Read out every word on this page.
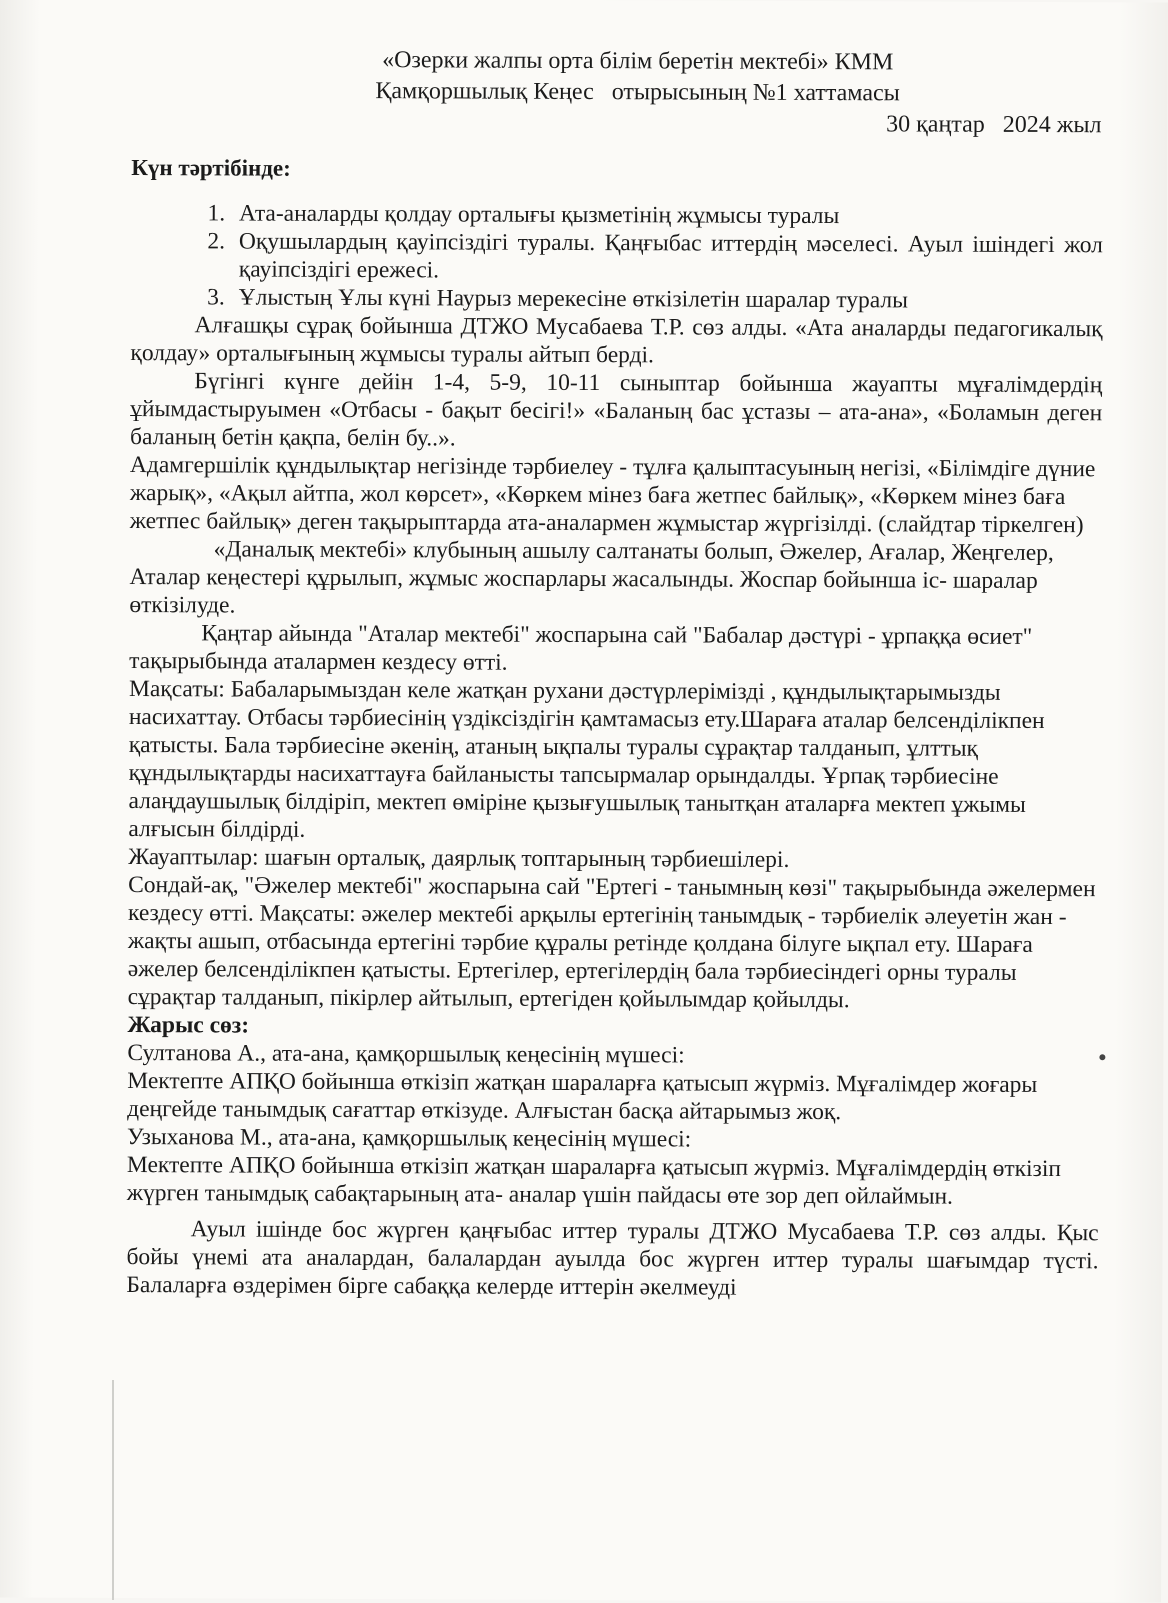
«Озерки жалпы орта білім беретін мектебі» КММ
Қамқоршылық Кеңес   отырысының №1 хаттамасы
30 қаңтар   2024 жыл
Күн тәртібінде:
1. Ата-аналарды қолдау орталығы қызметінің жұмысы туралы
2. Оқушылардың қауіпсіздігі туралы. Қаңғыбас иттердің мәселесі. Ауыл ішіндегі жол қауіпсіздігі ережесі.
3. Ұлыстың Ұлы күні Наурыз мерекесіне өткізілетін шаралар туралы

Алғашқы сұрақ бойынша ДТЖО Мусабаева Т.Р. сөз алды. «Ата аналарды педагогикалық қолдау» орталығының жұмысы туралы айтып берді.

Бүгінгі күнге дейін 1-4, 5-9, 10-11 сыныптар бойынша жауапты мұғалімдердің ұйымдастыруымен «Отбасы - бақыт бесігі!» «Баланың бас ұстазы – ата-ана», «Боламын деген баланың бетін қақпа, белін бу..».

Адамгершілік құндылықтар негізінде тәрбиелеу - тұлға қалыптасуының негізі, «Білімдіге дүние жарық», «Ақыл айтпа, жол көрсет», «Көркем мінез баға жетпес байлық», «Көркем мінез баға жетпес байлық» деген тақырыптарда ата-аналармен жұмыстар жүргізілді. (слайдтар тіркелген)

«Даналық мектебі» клубының ашылу салтанаты болып, Әжелер, Ағалар, Жеңгелер, Аталар кеңестері құрылып, жұмыс жоспарлары жасалынды. Жоспар бойынша іс- шаралар өткізілуде.

Қаңтар айында "Аталар мектебі" жоспарына сай "Бабалар дәстүрі - ұрпаққа өсиет" тақырыбында аталармен кездесу өтті.

Мақсаты: Бабаларымыздан келе жатқан рухани дәстүрлерімізді , құндылықтарымызды насихаттау. Отбасы тәрбиесінің үздіксіздігін қамтамасыз ету.Шараға аталар белсенділікпен қатысты. Бала тәрбиесіне әкенің, атаның ықпалы туралы сұрақтар талданып, ұлттық құндылықтарды насихаттауға байланысты тапсырмалар орындалды. Ұрпақ тәрбиесіне алаңдаушылық білдіріп, мектеп өміріне қызығушылық танытқан аталарға мектеп ұжымы алғысын білдірді.

Жауаптылар: шағын орталық, даярлық топтарының тәрбиешілері.

Сондай-ақ, "Әжелер мектебі" жоспарына сай "Ертегі - танымның көзі" тақырыбында әжелермен кездесу өтті. Мақсаты: әжелер мектебі арқылы ертегінің танымдық - тәрбиелік әлеуетін жан - жақты ашып, отбасында ертегіні тәрбие құралы ретінде қолдана білуге ықпал ету. Шараға әжелер белсенділікпен қатысты. Ертегілер, ертегілердің бала тәрбиесіндегі орны туралы сұрақтар талданып, пікірлер айтылып, ертегіден қойылымдар қойылды.

Жарыс сөз:

Султанова А., ата-ана, қамқоршылық кеңесінің мүшесі:

Мектепте АПҚО бойынша өткізіп жатқан шараларға қатысып жүрміз. Мұғалімдер жоғары деңгейде танымдық сағаттар өткізуде. Алғыстан басқа айтарымыз жоқ.

Узыханова М., ата-ана, қамқоршылық кеңесінің мүшесі:

Мектепте АПҚО бойынша өткізіп жатқан шараларға қатысып жүрміз. Мұғалімдердің өткізіп жүрген танымдық сабақтарының ата- аналар үшін пайдасы өте зор деп ойлаймын.

Ауыл ішінде бос жүрген қаңғыбас иттер туралы ДТЖО Мусабаева Т.Р. сөз алды. Қыс бойы үнемі ата аналардан, балалардан ауылда бос жүрген иттер туралы шағымдар түсті. Балаларға өздерімен бірге сабаққа келерде иттерін әкелмеуді
